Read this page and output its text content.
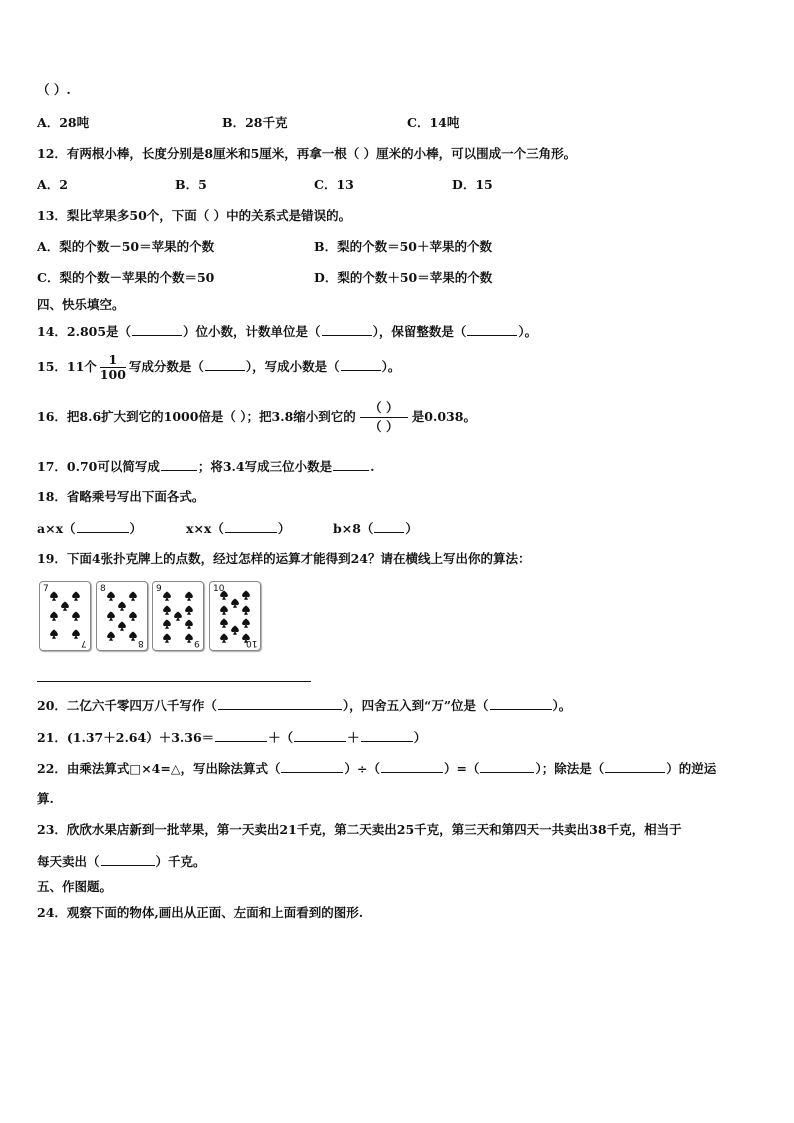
（ ）.
A．28吨	B．28千克	C．14吨
12．有两根小棒，长度分别是8厘米和5厘米，再拿一根（ ）厘米的小棒，可以围成一个三角形。
A．2	B．5	C．13	D．15
13．梨比苹果多50个，下面（ ）中的关系式是错误的。
A．梨的个数－50＝苹果的个数	B．梨的个数＝50＋苹果的个数
C．梨的个数－苹果的个数＝50	D．梨的个数＋50＝苹果的个数
四、快乐填空。
14．2.805是（	）位小数，计数单位是（	），保留整数是（	）。
15．11个 $\frac{1}{100}$ 写成分数是（	），写成小数是（	）。
16．把8.6扩大到它的1000倍是（ ）；把3.8缩小到它的
（ ）
（ ）
是0.038。
17．0.70可以简写成	；将3.4写成三位小数是	.
18．省略乘号写出下面各式。
a×x（	）	x×x（	）	b×8（	）
19．下面4张扑克牌上的点数，经过怎样的运算才能得到24？请在横线上写出你的算法：
7
7
8
8
9
9
10
10
20．二亿六千零四万八千写作（	），四舍五入到“万”位是（	）。
21．(1.37＋2.64）＋3.36＝	＋（	＋	）
22．由乘法算式□×4=△，写出除法算式（	）÷（	）=（	）；除法是（	）的逆运
算.
23．欣欣水果店新到一批苹果，第一天卖出21千克，第二天卖出25千克，第三天和第四天一共卖出38千克，相当于
每天卖出（	）千克。
五、作图题。
24．观察下面的物体,画出从正面、左面和上面看到的图形.
